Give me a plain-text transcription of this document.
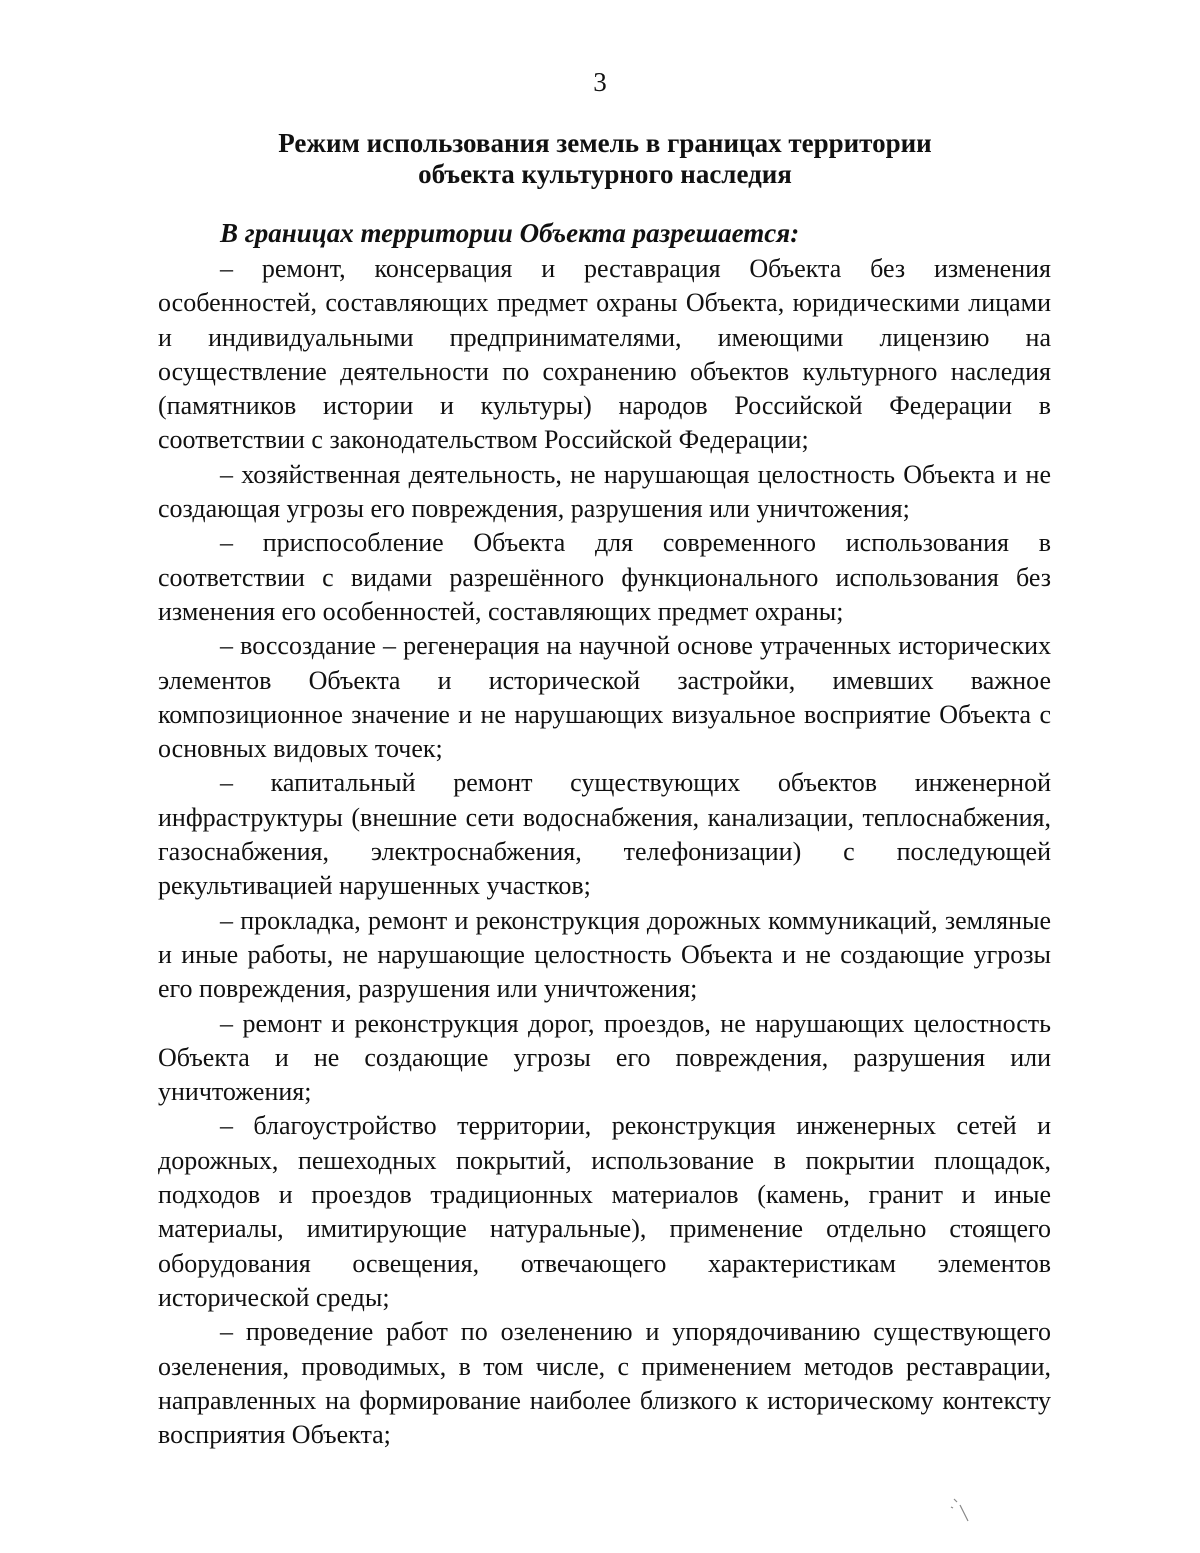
3
Режим использования земель в границах территории
объекта культурного наследия
В границах территории Объекта разрешается:

– ремонт, консервация и реставрация Объекта без изменения особенностей, составляющих предмет охраны Объекта, юридическими лицами и индивидуальными предпринимателями, имеющими лицензию на осуществление деятельности по сохранению объектов культурного наследия (памятников истории и культуры) народов Российской Федерации в соответствии с законодательством Российской Федерации;

– хозяйственная деятельность, не нарушающая целостность Объекта и не создающая угрозы его повреждения, разрушения или уничтожения;

– приспособление Объекта для современного использования в соответствии с видами разрешённого функционального использования без изменения его особенностей, составляющих предмет охраны;

– воссоздание – регенерация на научной основе утраченных исторических элементов Объекта и исторической застройки, имевших важное композиционное значение и не нарушающих визуальное восприятие Объекта с основных видовых точек;

– капитальный ремонт существующих объектов инженерной инфраструктуры (внешние сети водоснабжения, канализации, теплоснабжения, газоснабжения, электроснабжения, телефонизации) с последующей рекультивацией нарушенных участков;

– прокладка, ремонт и реконструкция дорожных коммуникаций, земляные и иные работы, не нарушающие целостность Объекта и не создающие угрозы его повреждения, разрушения или уничтожения;

– ремонт и реконструкция дорог, проездов, не нарушающих целостность Объекта и не создающие угрозы его повреждения, разрушения или уничтожения;

– благоустройство территории, реконструкция инженерных сетей и дорожных, пешеходных покрытий, использование в покрытии площадок, подходов и проездов традиционных материалов (камень, гранит и иные материалы, имитирующие натуральные), применение отдельно стоящего оборудования освещения, отвечающего характеристикам элементов исторической среды;

– проведение работ по озеленению и упорядочиванию существующего озеленения, проводимых, в том числе, с применением методов реставрации, направленных на формирование наиболее близкого к историческому контексту восприятия Объекта;
